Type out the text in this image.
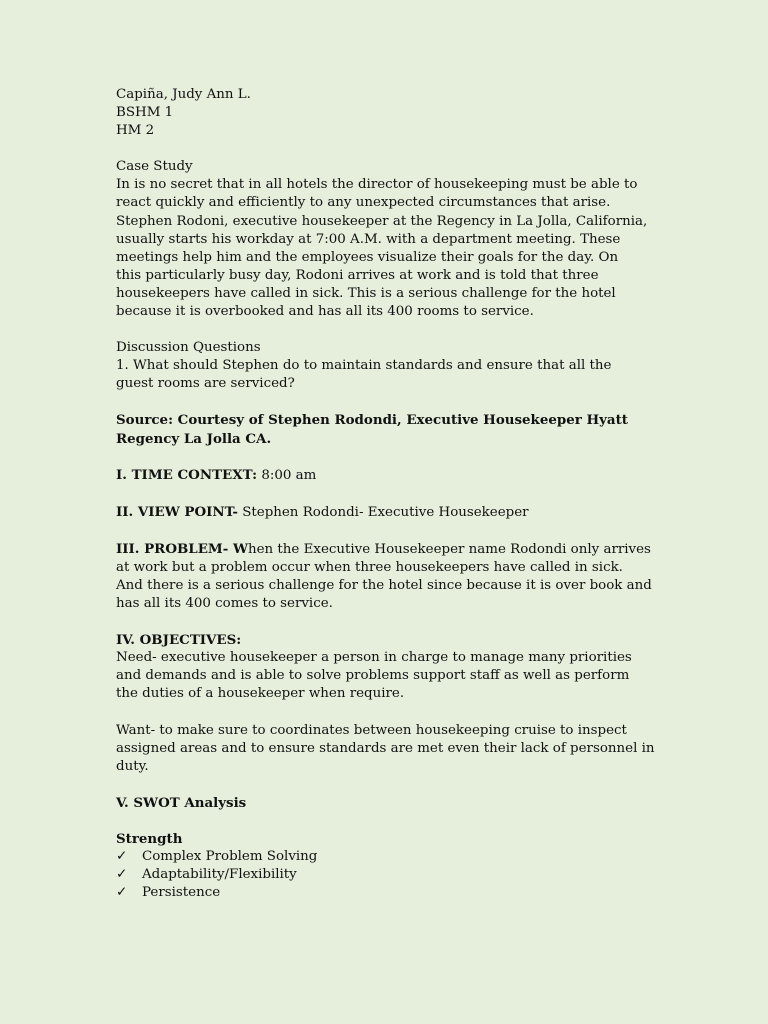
Capiña, Judy Ann L.
BSHM 1
HM 2
Case Study
In is no secret that in all hotels the director of housekeeping must be able to
react quickly and efficiently to any unexpected circumstances that arise.
Stephen Rodoni, executive housekeeper at the Regency in La Jolla, California,
usually starts his workday at 7:00 A.M. with a department meeting. These
meetings help him and the employees visualize their goals for the day. On
this particularly busy day, Rodoni arrives at work and is told that three
housekeepers have called in sick. This is a serious challenge for the hotel
because it is overbooked and has all its 400 rooms to service.
Discussion Questions
1. What should Stephen do to maintain standards and ensure that all the
guest rooms are serviced?
Source: Courtesy of Stephen Rodondi, Executive Housekeeper Hyatt
Regency La Jolla CA.
I. TIME CONTEXT: 8:00 am
II. VIEW POINT- Stephen Rodondi- Executive Housekeeper
III. PROBLEM- When the Executive Housekeeper name Rodondi only arrives
at work but a problem occur when three housekeepers have called in sick.
And there is a serious challenge for the hotel since because it is over book and
has all its 400 comes to service.
IV. OBJECTIVES:
Need- executive housekeeper a person in charge to manage many priorities
and demands and is able to solve problems support staff as well as perform
the duties of a housekeeper when require.
Want- to make sure to coordinates between housekeeping cruise to inspect
assigned areas and to ensure standards are met even their lack of personnel in
duty.
V. SWOT Analysis
Strength
✓ Complex Problem Solving
✓ Adaptability/Flexibility
✓ Persistence
